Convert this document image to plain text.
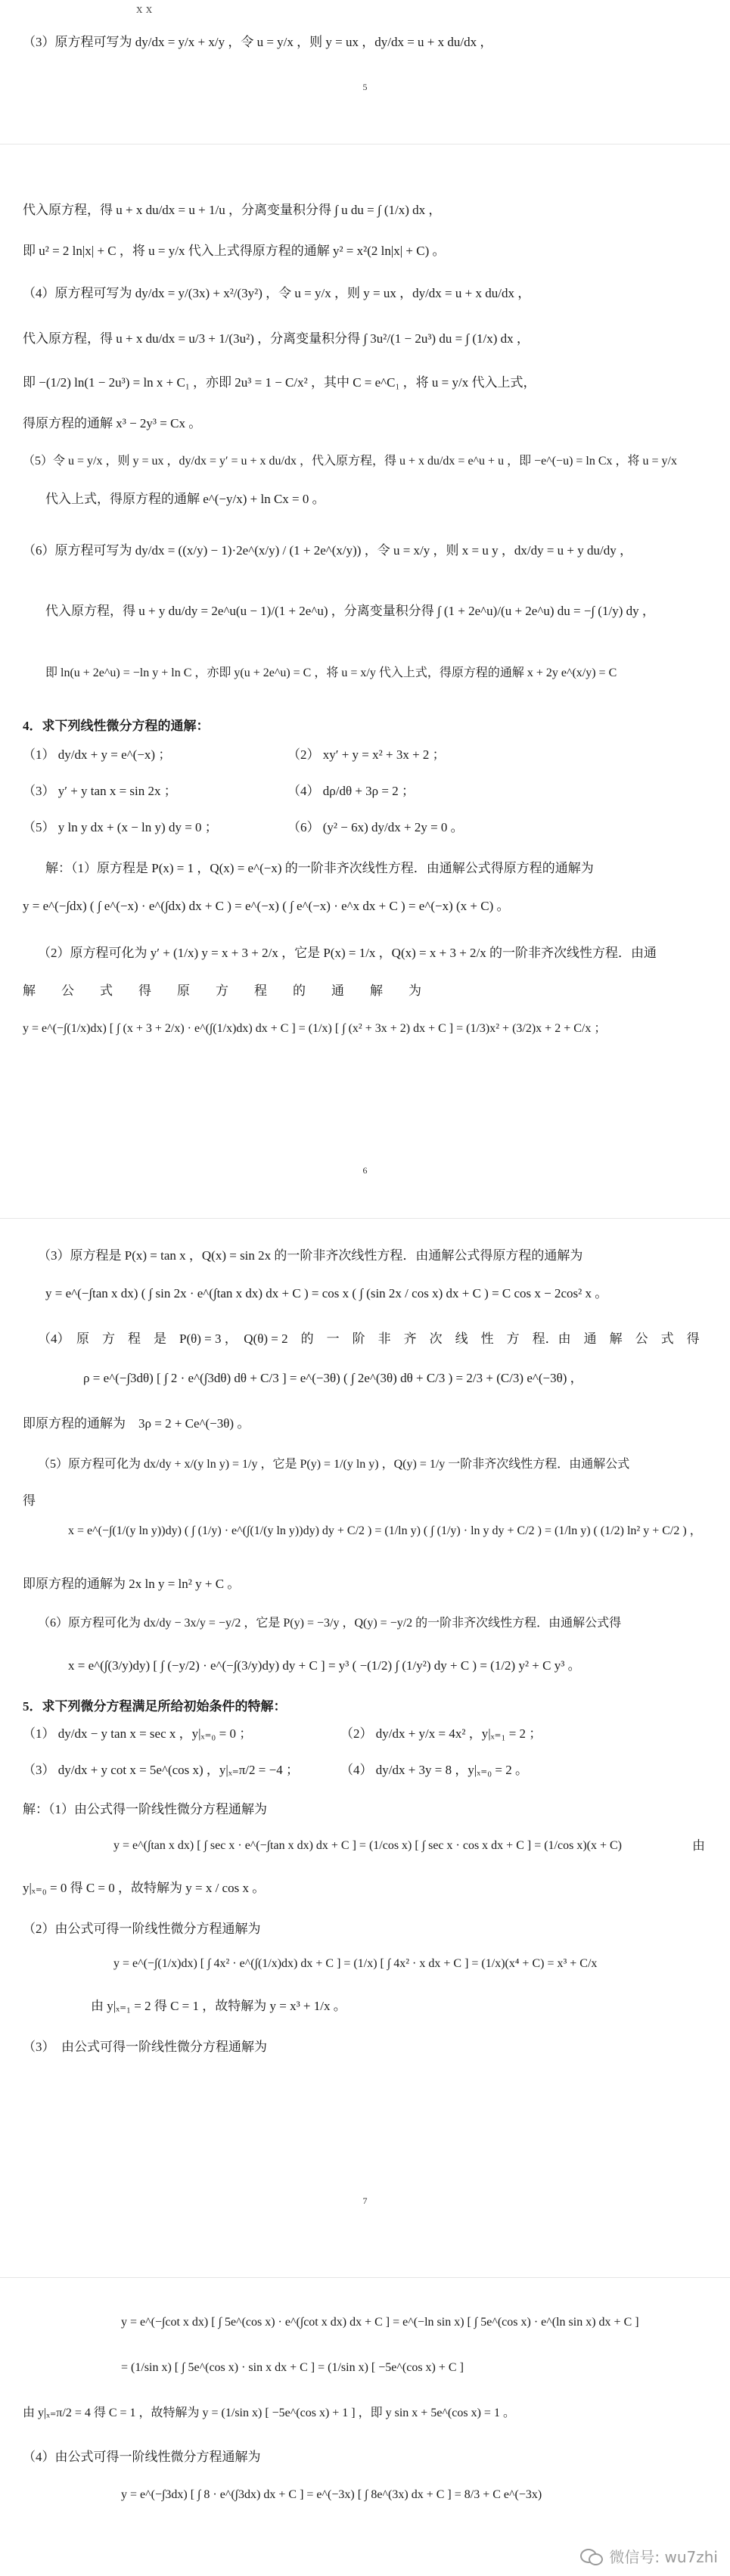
x x
（3）原方程可写为 dy/dx = y/x + x/y ，令 u = y/x ，则 y = ux ，dy/dx = u + x du/dx ，
5
代入原方程，得 u + x du/dx = u + 1/u ，分离变量积分得 ∫ u du = ∫ (1/x) dx ，
即 u² = 2 ln|x| + C ，将 u = y/x 代入上式得原方程的通解 y² = x²(2 ln|x| + C) 。
（4）原方程可写为 dy/dx = y/(3x) + x²/(3y²) ，令 u = y/x ，则 y = ux ，dy/dx = u + x du/dx ，
代入原方程，得 u + x du/dx = u/3 + 1/(3u²) ，分离变量积分得 ∫ 3u²/(1 − 2u³) du = ∫ (1/x) dx ，
即 −(1/2) ln(1 − 2u³) = ln x + C₁ ，亦即 2u³ = 1 − C/x² ，其中 C = e^C₁ ，将 u = y/x 代入上式，
得原方程的通解 x³ − 2y³ = Cx 。
（5）令 u = y/x ，则 y = ux ，dy/dx = y′ = u + x du/dx ，代入原方程，得 u + x du/dx = e^u + u ，即 −e^(−u) = ln Cx ，将 u = y/x
代入上式，得原方程的通解 e^(−y/x) + ln Cx = 0 。
（6）原方程可写为 dy/dx = ((x/y) − 1)·2e^(x/y) / (1 + 2e^(x/y)) ，令 u = x/y ，则 x = u y ，dx/dy = u + y du/dy ，
代入原方程，得 u + y du/dy = 2e^u(u − 1)/(1 + 2e^u) ，分离变量积分得 ∫ (1 + 2e^u)/(u + 2e^u) du = −∫ (1/y) dy ，
即 ln(u + 2e^u) = −ln y + ln C ，亦即 y(u + 2e^u) = C ，将 u = x/y 代入上式，得原方程的通解 x + 2y e^(x/y) = C
4．求下列线性微分方程的通解：
（1） dy/dx + y = e^(−x) ；	（2） xy′ + y = x² + 3x + 2 ；
（3） y′ + y tan x = sin 2x ；	（4） dρ/dθ + 3ρ = 2 ；
（5） y ln y dx + (x − ln y) dy = 0 ；	（6） (y² − 6x) dy/dx + 2y = 0 。
解：（1）原方程是 P(x) = 1 ，Q(x) = e^(−x) 的一阶非齐次线性方程．由通解公式得原方程的通解为
y = e^(−∫dx) ( ∫ e^(−x) · e^(∫dx) dx + C ) = e^(−x) ( ∫ e^(−x) · e^x dx + C ) = e^(−x) (x + C) 。
（2）原方程可化为 y′ + (1/x) y = x + 3 + 2/x ，它是 P(x) = 1/x ，Q(x) = x + 3 + 2/x 的一阶非齐次线性方程．由通
解　　公　　式　　得　　原　　方　　程　　的　　通　　解　　为
y = e^(−∫(1/x)dx) [ ∫ (x + 3 + 2/x) · e^(∫(1/x)dx) dx + C ] = (1/x) [ ∫ (x² + 3x + 2) dx + C ] = (1/3)x² + (3/2)x + 2 + C/x ；
6
（3）原方程是 P(x) = tan x ，Q(x) = sin 2x 的一阶非齐次线性方程．由通解公式得原方程的通解为
y = e^(−∫tan x dx) ( ∫ sin 2x · e^(∫tan x dx) dx + C ) = cos x ( ∫ (sin 2x / cos x) dx + C ) = C cos x − 2cos² x 。
（4）　原　方　程　是　P(θ) = 3 ，　Q(θ) = 2　的　一　阶　非　齐　次　线　性　方　程．由　通　解　公　式　得
ρ = e^(−∫3dθ) [ ∫ 2 · e^(∫3dθ) dθ + C/3 ] = e^(−3θ) ( ∫ 2e^(3θ) dθ + C/3 ) = 2/3 + (C/3) e^(−3θ) ，
即原方程的通解为　3ρ = 2 + Ce^(−3θ) 。
（5）原方程可化为 dx/dy + x/(y ln y) = 1/y ，它是 P(y) = 1/(y ln y) ，Q(y) = 1/y 一阶非齐次线性方程．由通解公式
得
x = e^(−∫(1/(y ln y))dy) ( ∫ (1/y) · e^(∫(1/(y ln y))dy) dy + C/2 ) = (1/ln y) ( ∫ (1/y) · ln y dy + C/2 ) = (1/ln y) ( (1/2) ln² y + C/2 ) ，
即原方程的通解为 2x ln y = ln² y + C 。
（6）原方程可化为 dx/dy − 3x/y = −y/2 ，它是 P(y) = −3/y ，Q(y) = −y/2 的一阶非齐次线性方程．由通解公式得
x = e^(∫(3/y)dy) [ ∫ (−y/2) · e^(−∫(3/y)dy) dy + C ] = y³ ( −(1/2) ∫ (1/y²) dy + C ) = (1/2) y² + C y³ 。
5．求下列微分方程满足所给初始条件的特解：
（1） dy/dx − y tan x = sec x ，y|ₓ₌₀ = 0 ；	（2） dy/dx + y/x = 4x² ，y|ₓ₌₁ = 2 ；
（3） dy/dx + y cot x = 5e^(cos x) ，y|ₓ₌π/2 = −4 ；	（4） dy/dx + 3y = 8 ，y|ₓ₌₀ = 2 。
解：（1）由公式得一阶线性微分方程通解为
y = e^(∫tan x dx) [ ∫ sec x · e^(−∫tan x dx) dx + C ] = (1/cos x) [ ∫ sec x · cos x dx + C ] = (1/cos x)(x + C)	由
y|ₓ₌₀ = 0 得 C = 0 ，故特解为 y = x / cos x 。
（2）由公式可得一阶线性微分方程通解为
y = e^(−∫(1/x)dx) [ ∫ 4x² · e^(∫(1/x)dx) dx + C ] = (1/x) [ ∫ 4x² · x dx + C ] = (1/x)(x⁴ + C) = x³ + C/x
由 y|ₓ₌₁ = 2 得 C = 1 ，故特解为 y = x³ + 1/x 。
（3）　由公式可得一阶线性微分方程通解为
7
y = e^(−∫cot x dx) [ ∫ 5e^(cos x) · e^(∫cot x dx) dx + C ] = e^(−ln sin x) [ ∫ 5e^(cos x) · e^(ln sin x) dx + C ]
= (1/sin x) [ ∫ 5e^(cos x) · sin x dx + C ] = (1/sin x) [ −5e^(cos x) + C ]
由 y|ₓ₌π/2 = 4 得 C = 1 ，故特解为 y = (1/sin x) [ −5e^(cos x) + 1 ] ，即 y sin x + 5e^(cos x) = 1 。
（4）由公式可得一阶线性微分方程通解为
y = e^(−∫3dx) [ ∫ 8 · e^(∫3dx) dx + C ] = e^(−3x) [ ∫ 8e^(3x) dx + C ] = 8/3 + C e^(−3x)
微信号: wu7zhi
